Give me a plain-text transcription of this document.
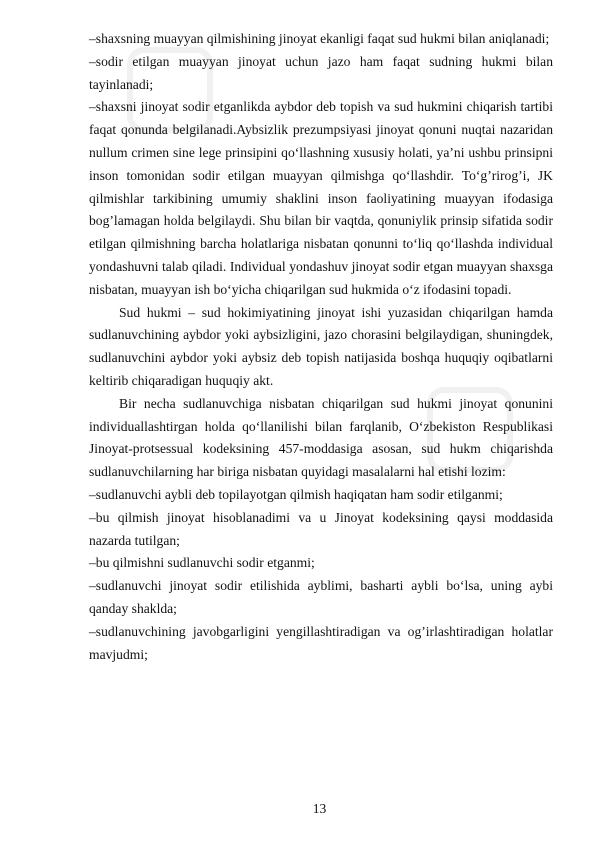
–shaxsning muayyan qilmishining jinoyat ekanligi faqat sud hukmi bilan aniqlanadi;

–sodir etilgan muayyan jinoyat uchun jazo ham faqat sudning hukmi bilan tayinlanadi;

–shaxsni jinoyat sodir etganlikda aybdor deb topish va sud hukmini chiqarish tartibi faqat qonunda belgilanadi.Aybsizlik prezumpsiyasi jinoyat qonuni nuqtai nazaridan nullum crimen sine lege prinsipini qo‘llashning xususiy holati, ya’ni ushbu prinsipni inson tomonidan sodir etilgan muayyan qilmishga qo‘llashdir. To‘g’rirog’i, JK qilmishlar tarkibining umumiy shaklini inson faoliyatining muayyan ifodasiga bog’lamagan holda belgilaydi. Shu bilan bir vaqtda, qonuniylik prinsip sifatida sodir etilgan qilmishning barcha holatlariga nisbatan qonunni to‘liq qo‘llashda individual yondashuvni talab qiladi. Individual yondashuv jinoyat sodir etgan muayyan shaxsga nisbatan, muayyan ish bo‘yicha chiqarilgan sud hukmida o‘z ifodasini topadi.

Sud hukmi – sud hokimiyatining jinoyat ishi yuzasidan chiqarilgan hamda sudlanuvchining aybdor yoki aybsizligini, jazo chorasini belgilaydigan, shuningdek, sudlanuvchini aybdor yoki aybsiz deb topish natijasida boshqa huquqiy oqibatlarni keltirib chiqaradigan huquqiy akt.

Bir necha sudlanuvchiga nisbatan chiqarilgan sud hukmi jinoyat qonunini individuallashtirgan holda qo‘llanilishi bilan farqlanib, O‘zbekiston Respublikasi Jinoyat-protsessual kodeksining 457-moddasiga asosan, sud hukm chiqarishda sudlanuvchilarning har biriga nisbatan quyidagi masalalarni hal etishi lozim:

–sudlanuvchi aybli deb topilayotgan qilmish haqiqatan ham sodir etilganmi;

–bu qilmish jinoyat hisoblanadimi va u Jinoyat kodeksining qaysi moddasida nazarda tutilgan;

–bu qilmishni sudlanuvchi sodir etganmi;

–sudlanuvchi jinoyat sodir etilishida ayblimi, basharti aybli bo‘lsa, uning aybi qanday shaklda;

–sudlanuvchining javobgarligini yengillashtiradigan va og’irlashtiradigan holatlar mavjudmi;

13
